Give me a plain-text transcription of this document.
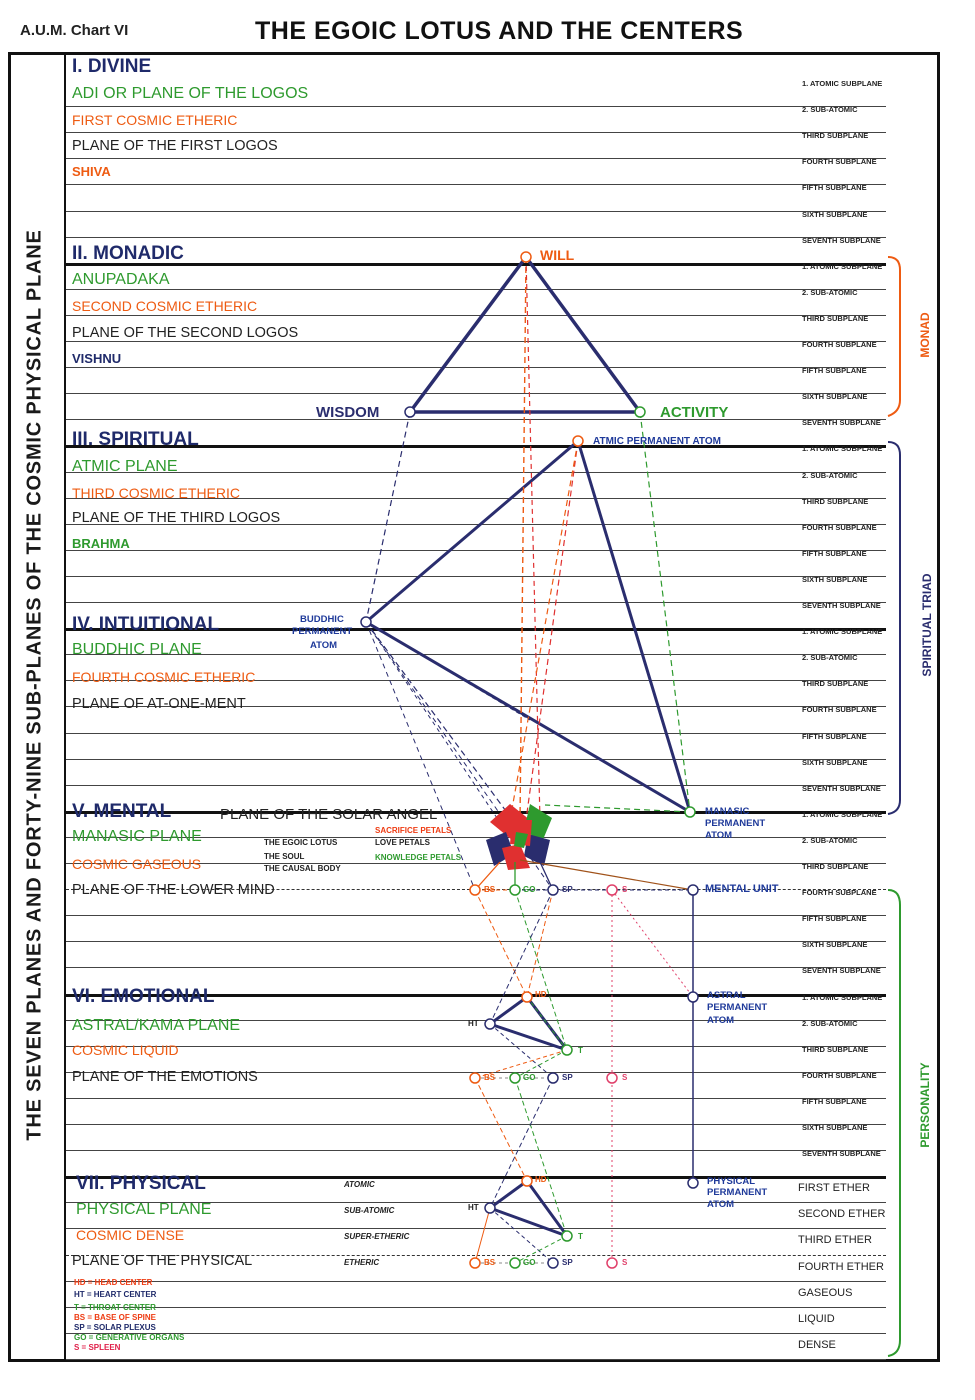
A.U.M. Chart VI	THE EGOIC LOTUS AND THE CENTERS
THE SEVEN PLANES AND FORTY-NINE SUB-PLANES OF THE COSMIC PHYSICAL PLANE
I. DIVINE
ADI OR PLANE OF THE LOGOS
FIRST COSMIC ETHERIC
PLANE OF THE FIRST LOGOS
SHIVA
II. MONADIC
ANUPADAKA
SECOND COSMIC ETHERIC
PLANE OF THE SECOND LOGOS
VISHNU
III. SPIRITUAL
ATMIC PLANE
THIRD COSMIC ETHERIC
PLANE OF THE THIRD LOGOS
BRAHMA
IV. INTUITIONAL
BUDDHIC PLANE
FOURTH COSMIC ETHERIC
PLANE OF AT-ONE-MENT
V. MENTAL	PLANE OF THE SOLAR ANGEL
MANASIC PLANE
COSMIC GASEOUS
PLANE OF THE LOWER MIND
VI. EMOTIONAL
ASTRAL/KAMA PLANE
COSMIC LIQUID
PLANE OF THE EMOTIONS
VII. PHYSICAL
PHYSICAL PLANE
COSMIC DENSE
PLANE OF THE PHYSICAL
ATOMIC
SUB-ATOMIC
SUPER-ETHERIC
ETHERIC
THE EGOIC LOTUS
THE SOUL
THE CAUSAL BODY
SACRIFICE PETALS
LOVE PETALS
KNOWLEDGE PETALS
1. ATOMIC SUBPLANE
2. SUB-ATOMIC
THIRD SUBPLANE
FOURTH SUBPLANE
FIFTH SUBPLANE
SIXTH SUBPLANE
SEVENTH SUBPLANE
1. ATOMIC SUBPLANE
2. SUB-ATOMIC
THIRD SUBPLANE
FOURTH SUBPLANE
FIFTH SUBPLANE
SIXTH SUBPLANE
SEVENTH SUBPLANE
1. ATOMIC SUBPLANE
2. SUB-ATOMIC
THIRD SUBPLANE
FOURTH SUBPLANE
FIFTH SUBPLANE
SIXTH SUBPLANE
SEVENTH SUBPLANE
1. ATOMIC SUBPLANE
2. SUB-ATOMIC
THIRD SUBPLANE
FOURTH SUBPLANE
FIFTH SUBPLANE
SIXTH SUBPLANE
SEVENTH SUBPLANE
1. ATOMIC SUBPLANE
2. SUB-ATOMIC
THIRD SUBPLANE
FOURTH SUBPLANE
FIFTH SUBPLANE
SIXTH SUBPLANE
SEVENTH SUBPLANE
1. ATOMIC SUBPLANE
2. SUB-ATOMIC
THIRD SUBPLANE
FOURTH SUBPLANE
FIFTH SUBPLANE
SIXTH SUBPLANE
SEVENTH SUBPLANE
FIRST ETHER
SECOND ETHER
THIRD ETHER
FOURTH ETHER
GASEOUS
LIQUID
DENSE
WILL
WISDOM	ACTIVITY
ATMIC PERMANENT ATOM
BUDDHIC
PERMANENT
ATOM
MANASIC
PERMANENT
ATOM
MENTAL UNIT
ASTRAL
PERMANENT
ATOM
PHYSICAL
PERMANENT
ATOM
BS	GO	SP	S
HD
HT
T
BS	GO	SP	S
HD
HT
T
BS	GO	SP	S
MONAD
SPIRITUAL TRIAD
PERSONALITY
HD = HEAD CENTER
HT = HEART CENTER
T = THROAT CENTER
BS = BASE OF SPINE
SP = SOLAR PLEXUS
GO = GENERATIVE ORGANS
S = SPLEEN
